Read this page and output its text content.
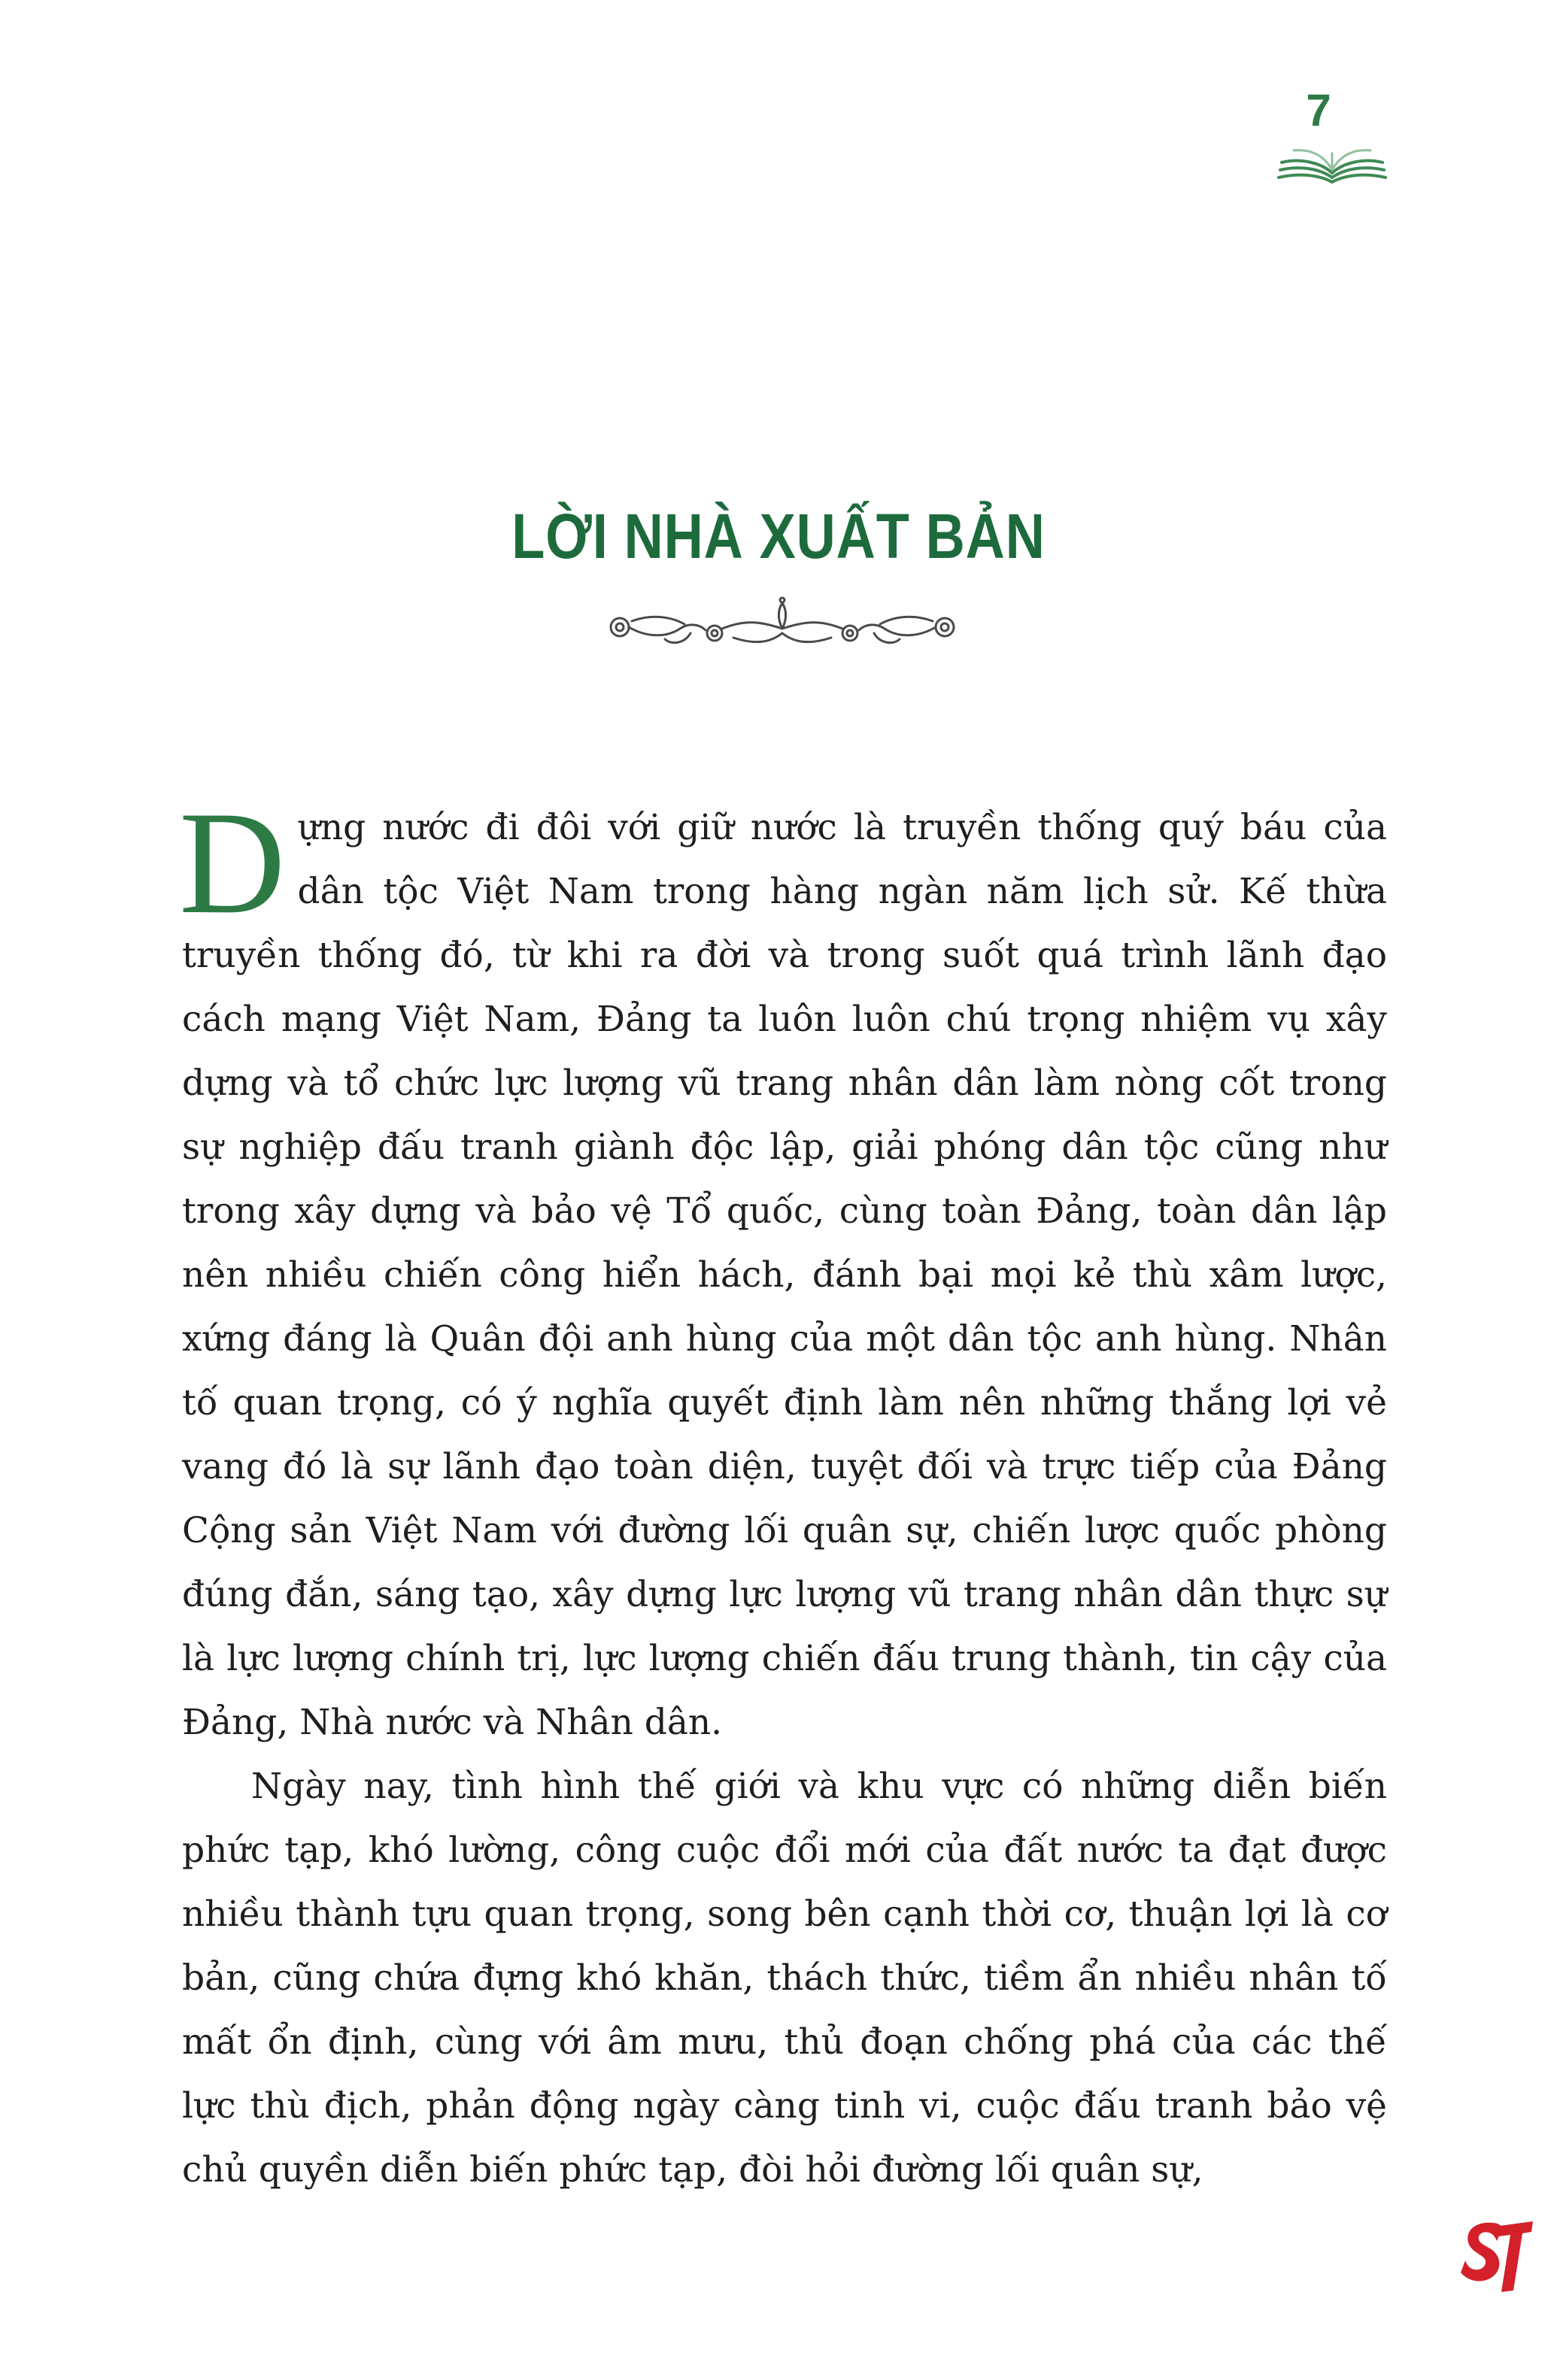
7
LỜI NHÀ XUẤT BẢN

Dựng nước đi đôi với giữ nước là truyền thống quý báu của dân tộc Việt Nam trong hàng ngàn năm lịch sử. Kế thừa truyền thống đó, từ khi ra đời và trong suốt quá trình lãnh đạo cách mạng Việt Nam, Đảng ta luôn luôn chú trọng nhiệm vụ xây dựng và tổ chức lực lượng vũ trang nhân dân làm nòng cốt trong sự nghiệp đấu tranh giành độc lập, giải phóng dân tộc cũng như trong xây dựng và bảo vệ Tổ quốc, cùng toàn Đảng, toàn dân lập nên nhiều chiến công hiển hách, đánh bại mọi kẻ thù xâm lược, xứng đáng là Quân đội anh hùng của một dân tộc anh hùng. Nhân tố quan trọng, có ý nghĩa quyết định làm nên những thắng lợi vẻ vang đó là sự lãnh đạo toàn diện, tuyệt đối và trực tiếp của Đảng Cộng sản Việt Nam với đường lối quân sự, chiến lược quốc phòng đúng đắn, sáng tạo, xây dựng lực lượng vũ trang nhân dân thực sự là lực lượng chính trị, lực lượng chiến đấu trung thành, tin cậy của Đảng, Nhà nước và Nhân dân.

Ngày nay, tình hình thế giới và khu vực có những diễn biến phức tạp, khó lường, công cuộc đổi mới của đất nước ta đạt được nhiều thành tựu quan trọng, song bên cạnh thời cơ, thuận lợi là cơ bản, cũng chứa đựng khó khăn, thách thức, tiềm ẩn nhiều nhân tố mất ổn định, cùng với âm mưu, thủ đoạn chống phá của các thế lực thù địch, phản động ngày càng tinh vi, cuộc đấu tranh bảo vệ chủ quyền diễn biến phức tạp, đòi hỏi đường lối quân sự,

ST
